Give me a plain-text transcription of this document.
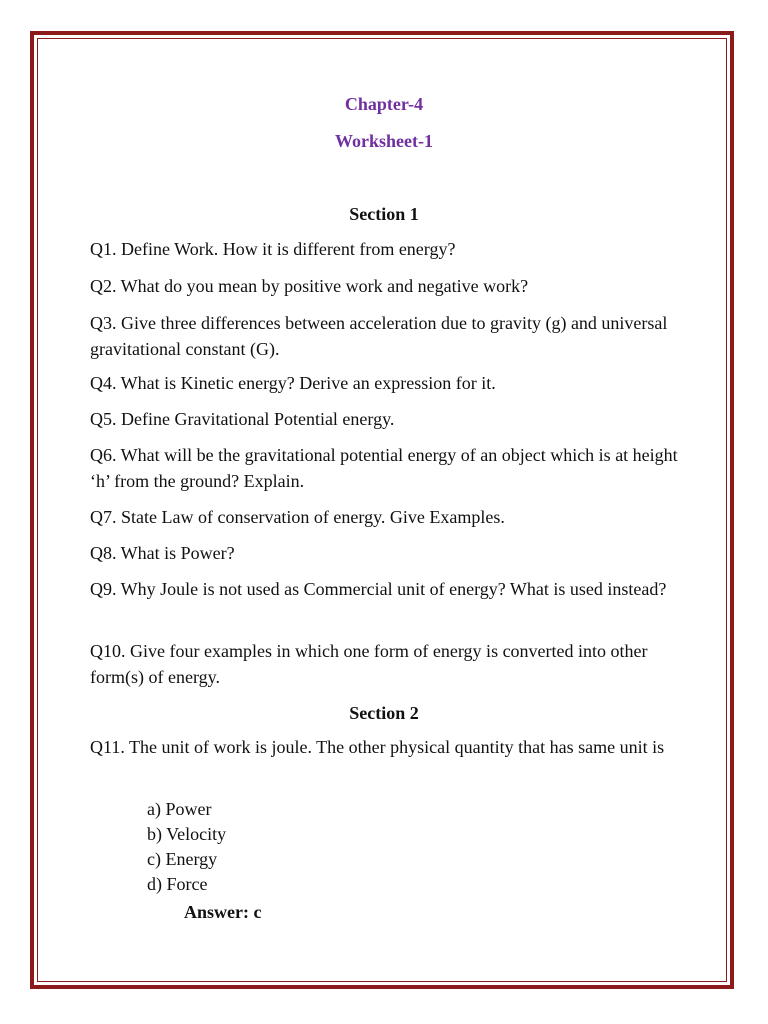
Chapter-4
Worksheet-1
Section 1
Q1. Define Work. How it is different from energy?
Q2. What do you mean by positive work and negative work?
Q3. Give three differences between acceleration due to gravity (g) and universal gravitational constant (G).
Q4. What is Kinetic energy? Derive an expression for it.
Q5. Define Gravitational Potential energy.
Q6. What will be the gravitational potential energy of an object which is at height ‘h’ from the ground? Explain.
Q7. State Law of conservation of energy. Give Examples.
Q8. What is Power?
Q9. Why Joule is not used as Commercial unit of energy? What is used instead?
Q10. Give four examples in which one form of energy is converted into other form(s) of energy.
Section 2
Q11. The unit of work is joule. The other physical quantity that has same unit is
a) Power
b) Velocity
c) Energy
d) Force
Answer: c
